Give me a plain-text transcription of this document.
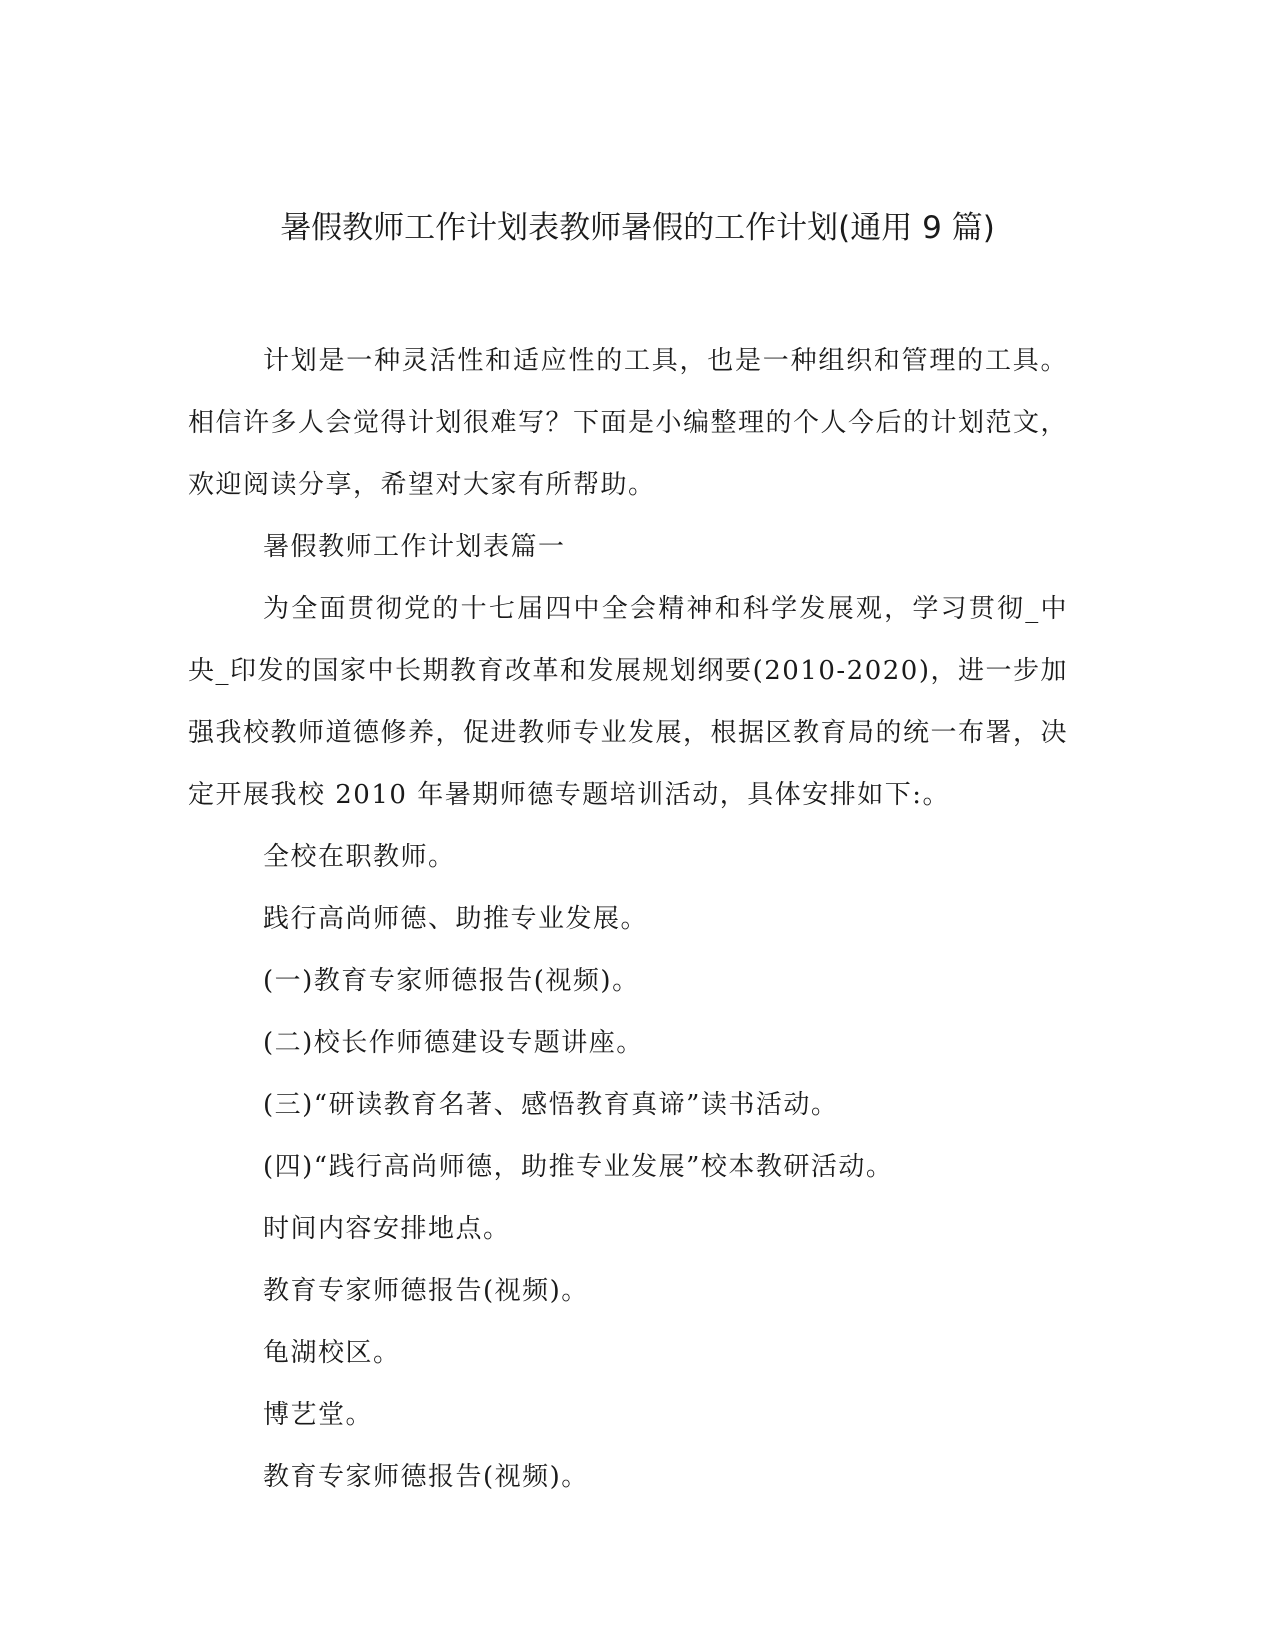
暑假教师工作计划表教师暑假的工作计划(通用 9 篇)

计划是一种灵活性和适应性的工具，也是一种组织和管理的工具。相信许多人会觉得计划很难写？下面是小编整理的个人今后的计划范文，欢迎阅读分享，希望对大家有所帮助。

暑假教师工作计划表篇一

为全面贯彻党的十七届四中全会精神和科学发展观，学习贯彻_中央_印发的国家中长期教育改革和发展规划纲要(2010-2020)，进一步加强我校教师道德修养，促进教师专业发展，根据区教育局的统一布署，决定开展我校 2010 年暑期师德专题培训活动，具体安排如下:。

全校在职教师。

践行高尚师德、助推专业发展。

(一)教育专家师德报告(视频)。

(二)校长作师德建设专题讲座。

(三)“研读教育名著、感悟教育真谛”读书活动。

(四)“践行高尚师德，助推专业发展”校本教研活动。

时间内容安排地点。

教育专家师德报告(视频)。

龟湖校区。

博艺堂。

教育专家师德报告(视频)。
